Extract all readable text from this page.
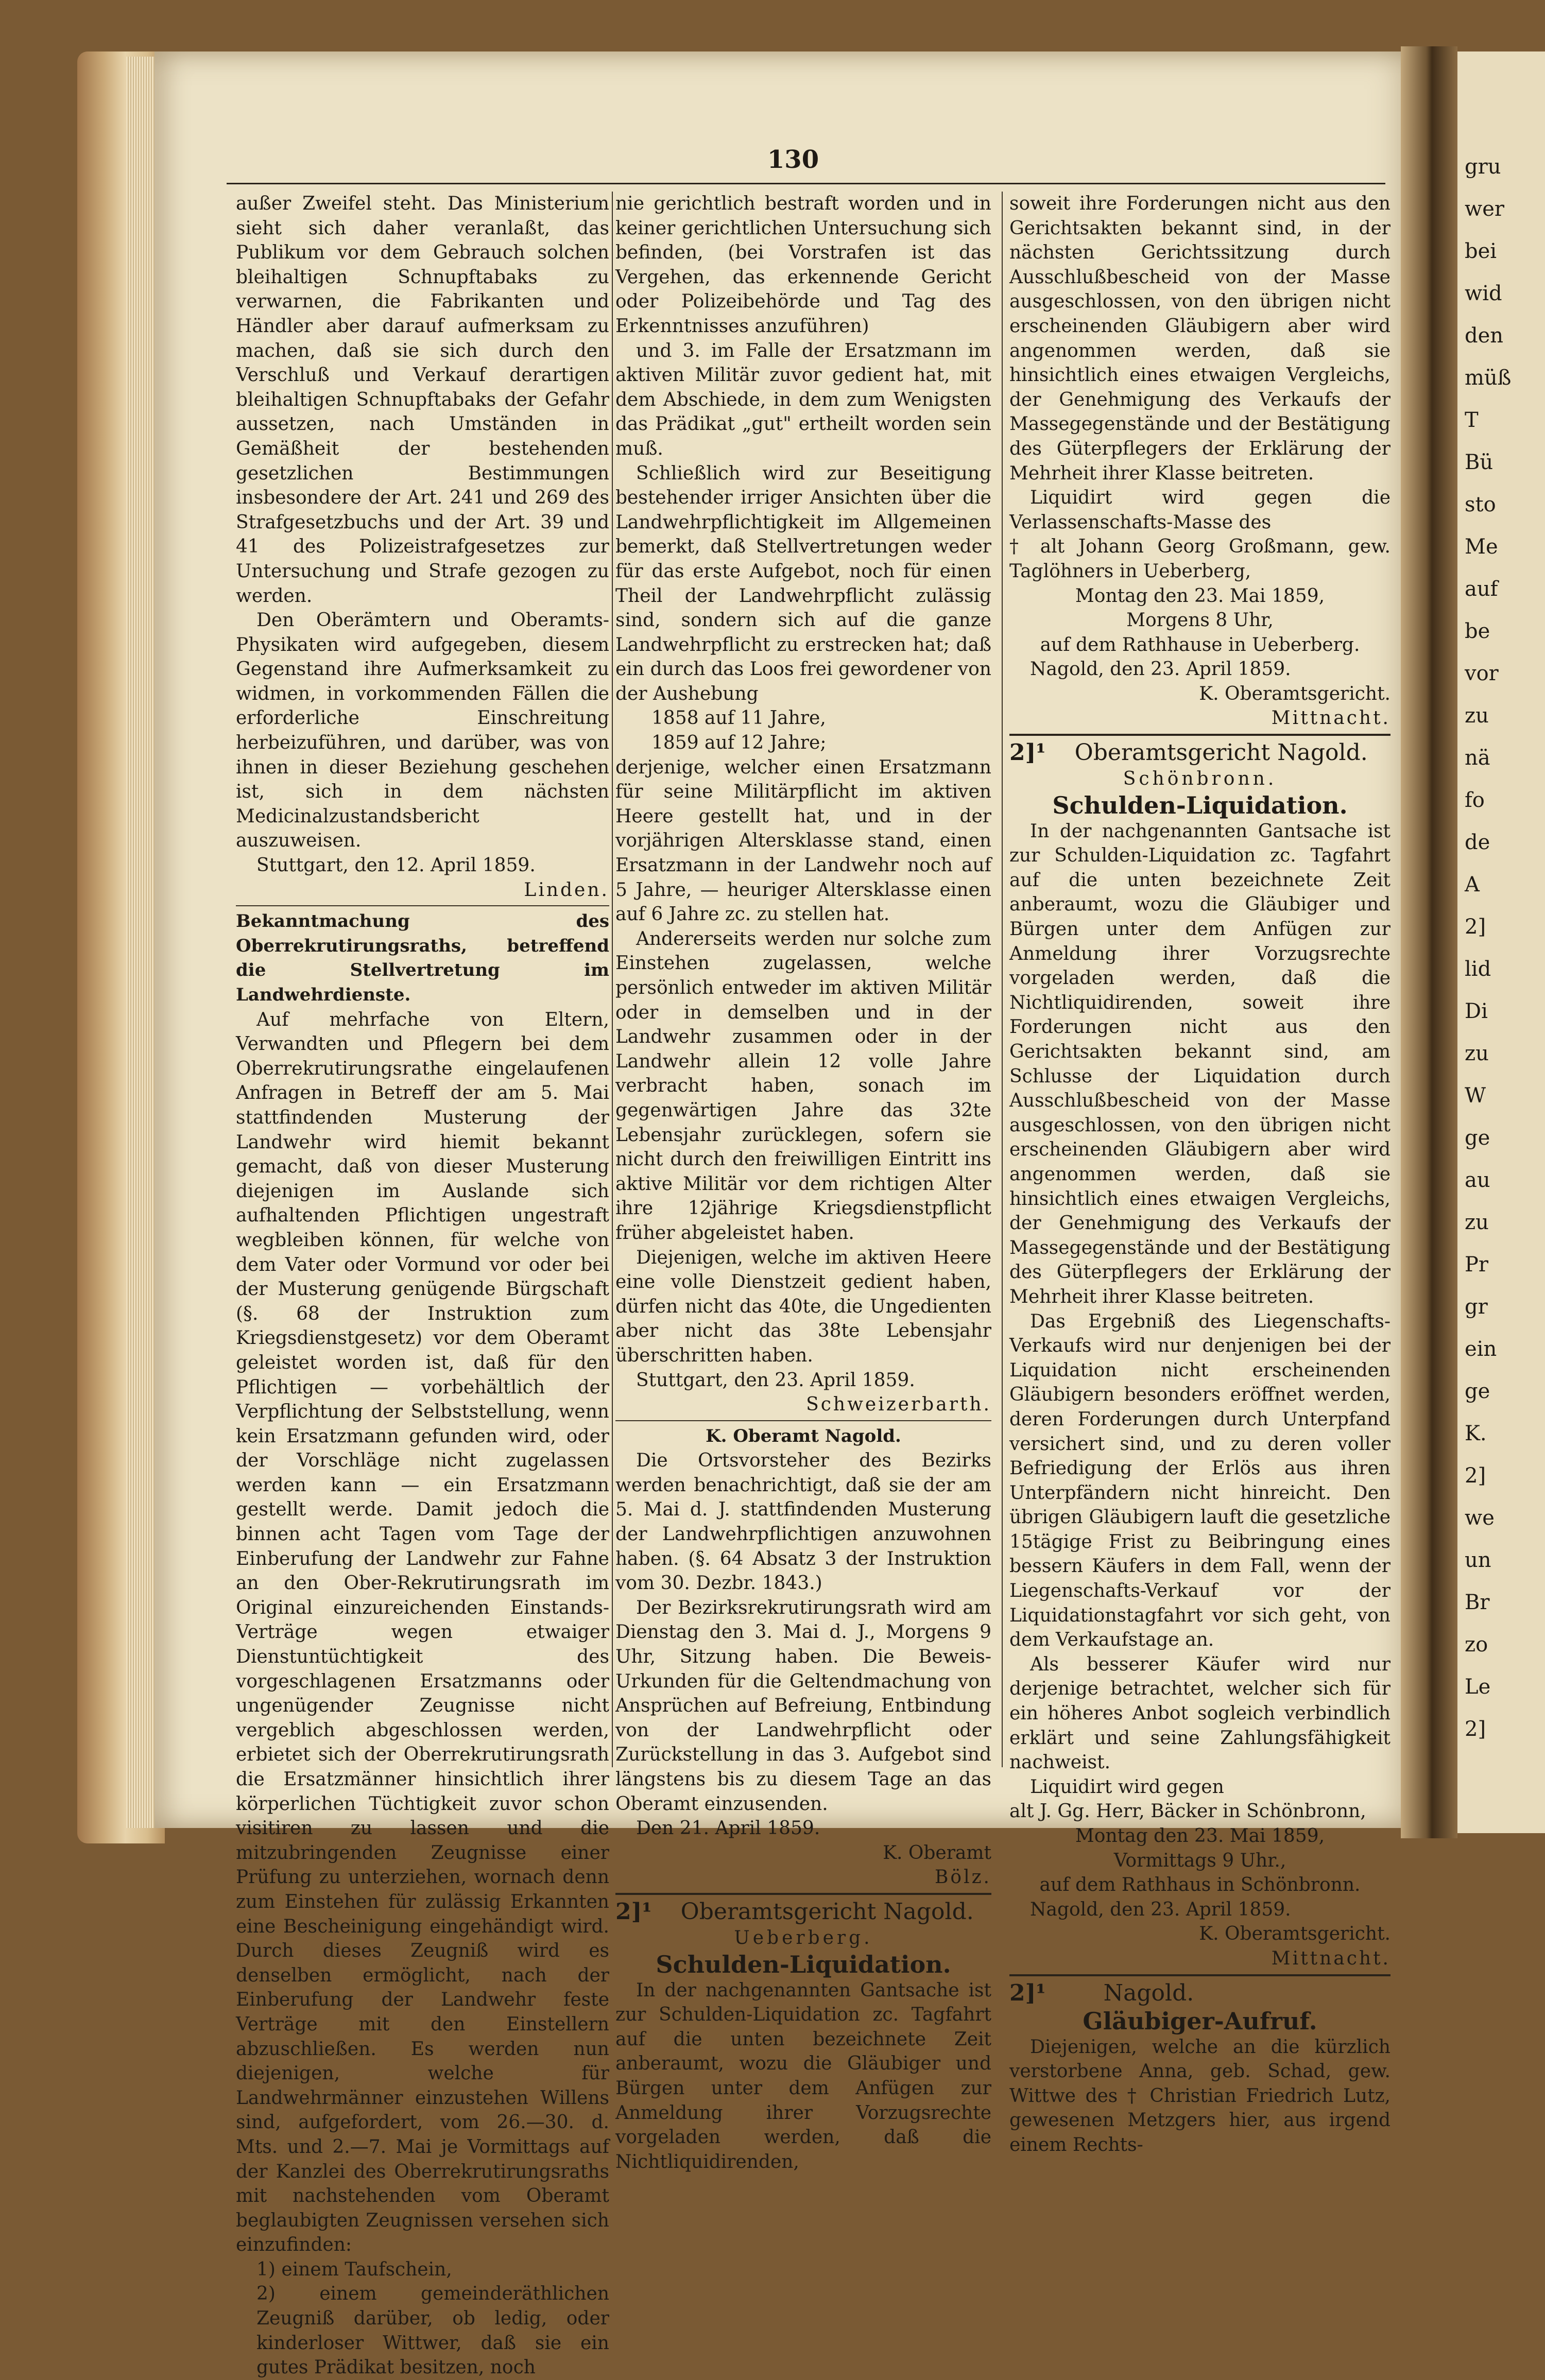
gru
wer
bei
wid
den
müß
T
Bü
sto
Me
auf
be
vor
zu
nä
fo
de
A
2]
lid
Di
zu
W
ge
au
zu
Pr
gr
ein
ge
K.
2]
we
un
Br
zo
Le
2]
130

außer Zweifel steht. Das Ministerium sieht sich daher veranlaßt, das Publikum vor dem Gebrauch solchen bleihaltigen Schnupftabaks zu verwarnen, die Fabrikanten und Händler aber darauf aufmerksam zu machen, daß sie sich durch den Verschluß und Verkauf derartigen bleihaltigen Schnupftabaks der Gefahr aussetzen, nach Umständen in Gemäßheit der bestehenden gesetzlichen Bestimmungen insbesondere der Art. 241 und 269 des Strafgesetzbuchs und der Art. 39 und 41 des Polizeistrafgesetzes zur Untersuchung und Strafe gezogen zu werden.

Den Oberämtern und Oberamts-Physikaten wird aufgegeben, diesem Gegenstand ihre Aufmerksamkeit zu widmen, in vorkommenden Fällen die erforderliche Einschreitung herbeizuführen, und darüber, was von ihnen in dieser Beziehung geschehen ist, sich in dem nächsten Medicinalzustandsbericht auszuweisen.

Stuttgart, den 12. April 1859.

Linden.

Bekanntmachung des Oberrekrutirungsraths, betreffend die Stellvertretung im Landwehrdienste.

Auf mehrfache von Eltern, Verwandten und Pflegern bei dem Oberrekrutirungsrathe eingelaufenen Anfragen in Betreff der am 5. Mai stattfindenden Musterung der Landwehr wird hiemit bekannt gemacht, daß von dieser Musterung diejenigen im Auslande sich aufhaltenden Pflichtigen ungestraft wegbleiben können, für welche von dem Vater oder Vormund vor oder bei der Musterung genügende Bürgschaft (§. 68 der Instruktion zum Kriegsdienstgesetz) vor dem Oberamt geleistet worden ist, daß für den Pflichtigen — vorbehältlich der Verpflichtung der Selbststellung, wenn kein Ersatzmann gefunden wird, oder der Vorschläge nicht zugelassen werden kann — ein Ersatzmann gestellt werde. Damit jedoch die binnen acht Tagen vom Tage der Einberufung der Landwehr zur Fahne an den Ober-Rekrutirungsrath im Original einzureichenden Einstands-Verträge wegen etwaiger Dienstuntüchtigkeit des vorgeschlagenen Ersatzmanns oder ungenügender Zeugnisse nicht vergeblich abgeschlossen werden, erbietet sich der Oberrekrutirungsrath die Ersatzmänner hinsichtlich ihrer körperlichen Tüchtigkeit zuvor schon visitiren zu lassen und die mitzubringenden Zeugnisse einer Prüfung zu unterziehen, wornach denn zum Einstehen für zulässig Erkannten eine Bescheinigung eingehändigt wird. Durch dieses Zeugniß wird es denselben ermöglicht, nach der Einberufung der Landwehr feste Verträge mit den Einstellern abzuschließen. Es werden nun diejenigen, welche für Landwehrmänner einzustehen Willens sind, aufgefordert, vom 26.—30. d. Mts. und 2.—7. Mai je Vormittags auf der Kanzlei des Oberrekrutirungsraths mit nachstehenden vom Oberamt beglaubigten Zeugnissen versehen sich einzufinden:

1) einem Taufschein,

2) einem gemeinderäthlichen Zeugniß darüber, ob ledig, oder kinderloser Wittwer, daß sie ein gutes Prädikat besitzen, noch

nie gerichtlich bestraft worden und in keiner gerichtlichen Untersuchung sich befinden, (bei Vorstrafen ist das Vergehen, das erkennende Gericht oder Polizeibehörde und Tag des Erkenntnisses anzuführen)

und 3. im Falle der Ersatzmann im aktiven Militär zuvor gedient hat, mit dem Abschiede, in dem zum Wenigsten das Prädikat „gut" ertheilt worden sein muß.

Schließlich wird zur Beseitigung bestehender irriger Ansichten über die Landwehrpflichtigkeit im Allgemeinen bemerkt, daß Stellvertretungen weder für das erste Aufgebot, noch für einen Theil der Landwehrpflicht zulässig sind, sondern sich auf die ganze Landwehrpflicht zu erstrecken hat; daß ein durch das Loos frei gewordener von der Aushebung

1858 auf 11 Jahre,

1859 auf 12 Jahre;

derjenige, welcher einen Ersatzmann für seine Militärpflicht im aktiven Heere gestellt hat, und in der vorjährigen Altersklasse stand, einen Ersatzmann in der Landwehr noch auf 5 Jahre, — heuriger Altersklasse einen auf 6 Jahre zc. zu stellen hat.

Andererseits werden nur solche zum Einstehen zugelassen, welche persönlich entweder im aktiven Militär oder in demselben und in der Landwehr zusammen oder in der Landwehr allein 12 volle Jahre verbracht haben, sonach im gegenwärtigen Jahre das 32te Lebensjahr zurücklegen, sofern sie nicht durch den freiwilligen Eintritt ins aktive Militär vor dem richtigen Alter ihre 12jährige Kriegsdienstpflicht früher abgeleistet haben.

Diejenigen, welche im aktiven Heere eine volle Dienstzeit gedient haben, dürfen nicht das 40te, die Ungedienten aber nicht das 38te Lebensjahr überschritten haben.

Stuttgart, den 23. April 1859.

Schweizerbarth.

K. Oberamt Nagold.

Die Ortsvorsteher des Bezirks werden benachrichtigt, daß sie der am 5. Mai d. J. stattfindenden Musterung der Landwehrpflichtigen anzuwohnen haben. (§. 64 Absatz 3 der Instruktion vom 30. Dezbr. 1843.)

Der Bezirksrekrutirungsrath wird am Dienstag den 3. Mai d. J., Morgens 9 Uhr, Sitzung haben. Die Beweis-Urkunden für die Geltendmachung von Ansprüchen auf Befreiung, Entbindung von der Landwehrpflicht oder Zurückstellung in das 3. Aufgebot sind längstens bis zu diesem Tage an das Oberamt einzusenden.

Den 21. April 1859.

K. Oberamt

Bölz.

2]¹ Oberamtsgericht Nagold.

Ueberberg.

Schulden-Liquidation.

In der nachgenannten Gantsache ist zur Schulden-Liquidation zc. Tagfahrt auf die unten bezeichnete Zeit anberaumt, wozu die Gläubiger und Bürgen unter dem Anfügen zur Anmeldung ihrer Vorzugsrechte vorgeladen werden, daß die Nichtliquidirenden,

soweit ihre Forderungen nicht aus den Gerichtsakten bekannt sind, in der nächsten Gerichtssitzung durch Ausschlußbescheid von der Masse ausgeschlossen, von den übrigen nicht erscheinenden Gläubigern aber wird angenommen werden, daß sie hinsichtlich eines etwaigen Vergleichs, der Genehmigung des Verkaufs der Massegegenstände und der Bestätigung des Güterpflegers der Erklärung der Mehrheit ihrer Klasse beitreten.

Liquidirt wird gegen die Verlassenschafts-Masse des

† alt Johann Georg Großmann, gew. Taglöhners in Ueberberg,

Montag den 23. Mai 1859,

Morgens 8 Uhr,

auf dem Rathhause in Ueberberg.

Nagold, den 23. April 1859.

K. Oberamtsgericht.

Mittnacht.

2]¹ Oberamtsgericht Nagold.

Schönbronn.

Schulden-Liquidation.

In der nachgenannten Gantsache ist zur Schulden-Liquidation zc. Tagfahrt auf die unten bezeichnete Zeit anberaumt, wozu die Gläubiger und Bürgen unter dem Anfügen zur Anmeldung ihrer Vorzugsrechte vorgeladen werden, daß die Nichtliquidirenden, soweit ihre Forderungen nicht aus den Gerichtsakten bekannt sind, am Schlusse der Liquidation durch Ausschlußbescheid von der Masse ausgeschlossen, von den übrigen nicht erscheinenden Gläubigern aber wird angenommen werden, daß sie hinsichtlich eines etwaigen Vergleichs, der Genehmigung des Verkaufs der Massegegenstände und der Bestätigung des Güterpflegers der Erklärung der Mehrheit ihrer Klasse beitreten.

Das Ergebniß des Liegenschafts-Verkaufs wird nur denjenigen bei der Liquidation nicht erscheinenden Gläubigern besonders eröffnet werden, deren Forderungen durch Unterpfand versichert sind, und zu deren voller Befriedigung der Erlös aus ihren Unterpfändern nicht hinreicht. Den übrigen Gläubigern lauft die gesetzliche 15tägige Frist zu Beibringung eines bessern Käufers in dem Fall, wenn der Liegenschafts-Verkauf vor der Liquidationstagfahrt vor sich geht, von dem Verkaufstage an.

Als besserer Käufer wird nur derjenige betrachtet, welcher sich für ein höheres Anbot sogleich verbindlich erklärt und seine Zahlungsfähigkeit nachweist.

Liquidirt wird gegen

alt J. Gg. Herr, Bäcker in Schönbronn,

Montag den 23. Mai 1859,

Vormittags 9 Uhr.,

auf dem Rathhaus in Schönbronn.

Nagold, den 23. April 1859.

K. Oberamtsgericht.

Mittnacht.

2]¹	Nagold.

Gläubiger-Aufruf.

Diejenigen, welche an die kürzlich verstorbene Anna, geb. Schad, gew. Wittwe des † Christian Friedrich Lutz, gewesenen Metzgers hier, aus irgend einem Rechts-
